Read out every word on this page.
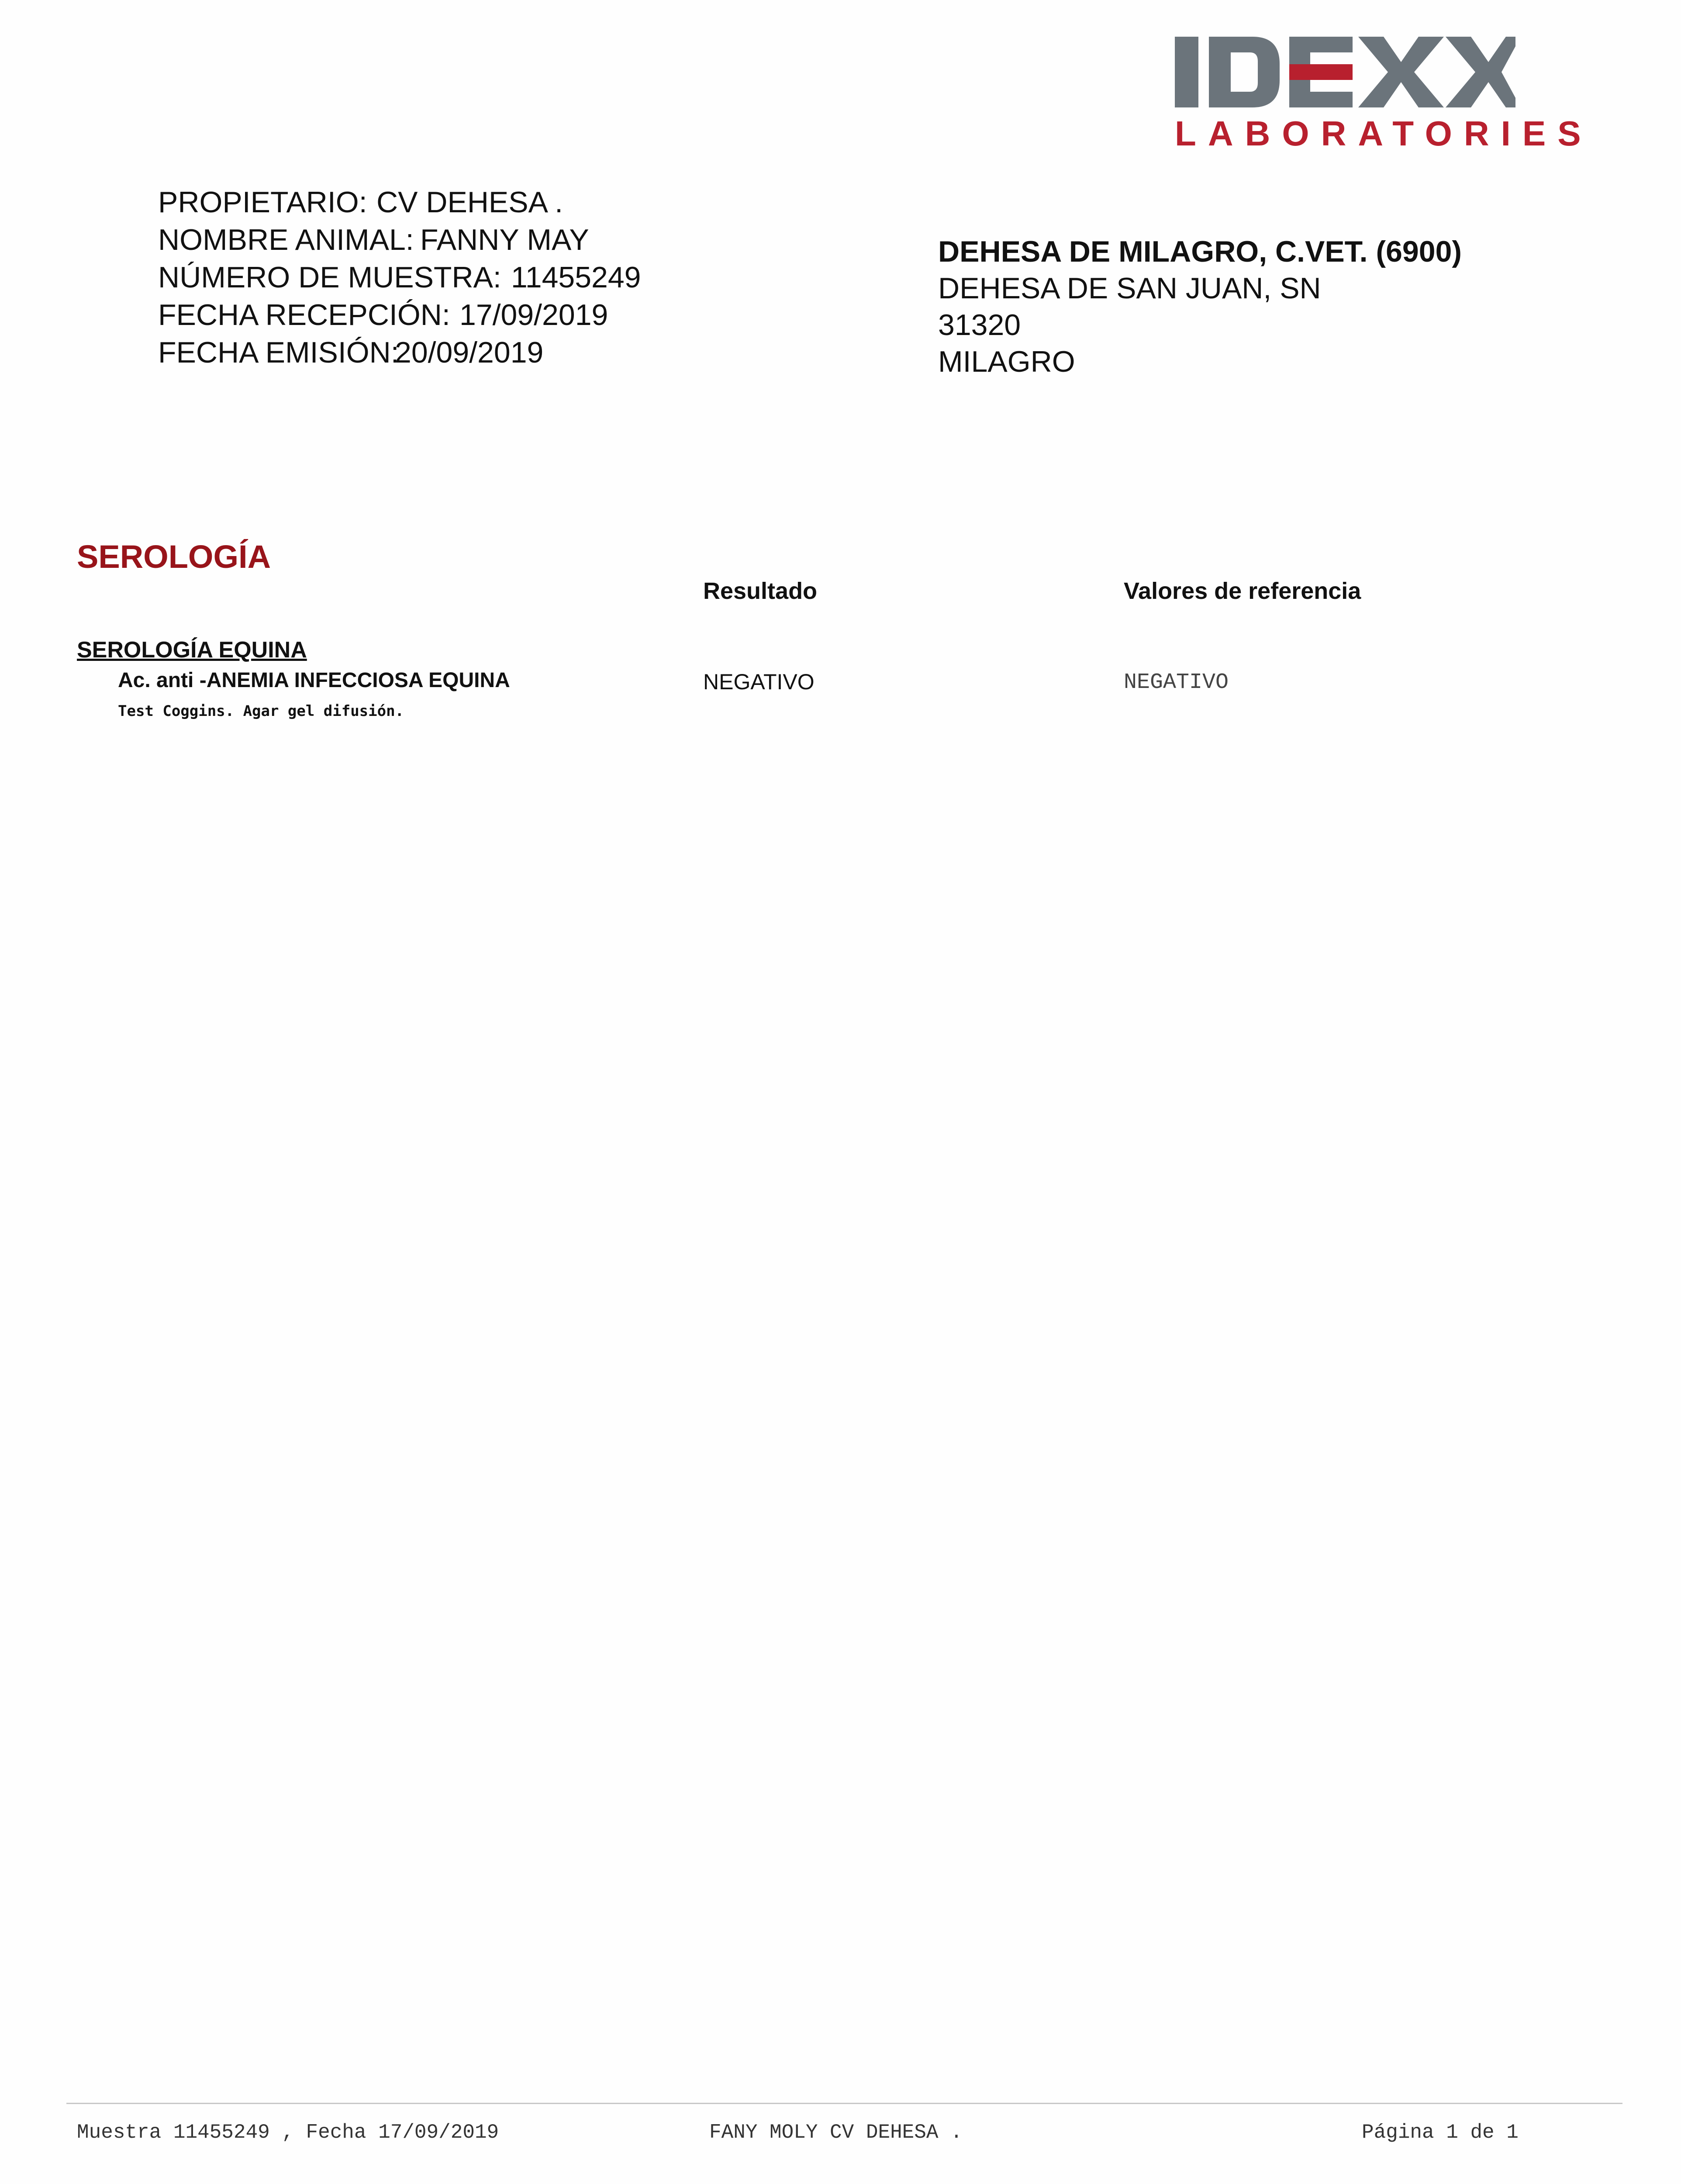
LABORATORIES
PROPIETARIO: CV DEHESA .
NOMBRE ANIMAL: FANNY MAY
NÚMERO DE MUESTRA: 11455249
FECHA RECEPCIÓN: 17/09/2019
FECHA EMISIÓN:
20/09/2019
DEHESA DE MILAGRO, C.VET. (6900)
DEHESA DE SAN JUAN, SN
31320
MILAGRO
SEROLOGÍA
Resultado	Valores de referencia
SEROLOGÍA EQUINA
Ac. anti -ANEMIA INFECCIOSA EQUINA
Test Coggins. Agar gel difusión.
NEGATIVO	NEGATIVO
Muestra 11455249 , Fecha 17/09/2019	FANY MOLY CV DEHESA .	Página 1 de 1
